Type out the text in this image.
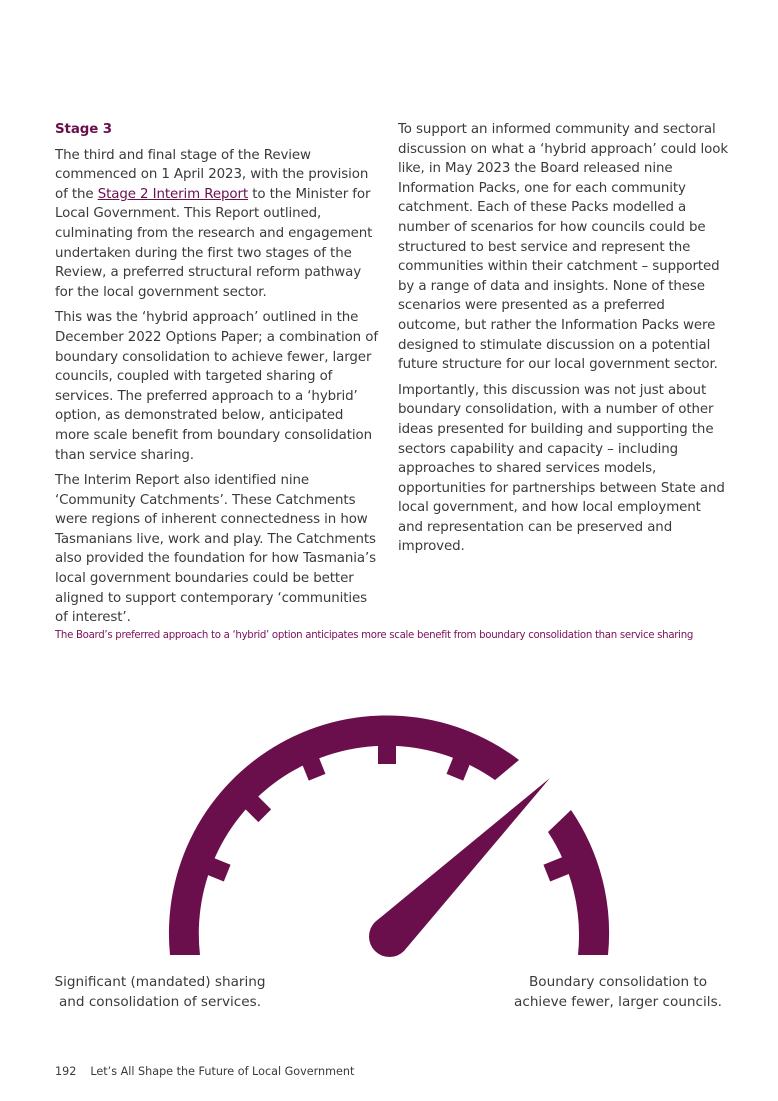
Stage 3

The third and final stage of the Review commenced on 1 April 2023, with the provision of the Stage 2 Interim Report to the Minister for Local Government. This Report outlined, culminating from the research and engagement undertaken during the first two stages of the Review, a preferred structural reform pathway for the local government sector.

This was the ‘hybrid approach’ outlined in the December 2022 Options Paper; a combination of boundary consolidation to achieve fewer, larger councils, coupled with targeted sharing of services. The preferred approach to a ‘hybrid’ option, as demonstrated below, anticipated more scale benefit from boundary consolidation than service sharing.

The Interim Report also identified nine ‘Community Catchments’. These Catchments were regions of inherent connectedness in how Tasmanians live, work and play. The Catchments also provided the foundation for how Tasmania’s local government boundaries could be better aligned to support contemporary ‘communities of interest’.

To support an informed community and sectoral discussion on what a ‘hybrid approach’ could look like, in May 2023 the Board released nine Information Packs, one for each community catchment. Each of these Packs modelled a number of scenarios for how councils could be structured to best service and represent the communities within their catchment – supported by a range of data and insights. None of these scenarios were presented as a preferred outcome, but rather the Information Packs were designed to stimulate discussion on a potential future structure for our local government sector.

Importantly, this discussion was not just about boundary consolidation, with a number of other ideas presented for building and supporting the sectors capability and capacity – including approaches to shared services models, opportunities for partnerships between State and local government, and how local employment and representation can be preserved and improved.

The Board’s preferred approach to a ‘hybrid’ option anticipates more scale benefit from boundary consolidation than service sharing
Significant (mandated) sharing
and consolidation of services.
Boundary consolidation to
achieve fewer, larger councils.
192 Let’s All Shape the Future of Local Government
